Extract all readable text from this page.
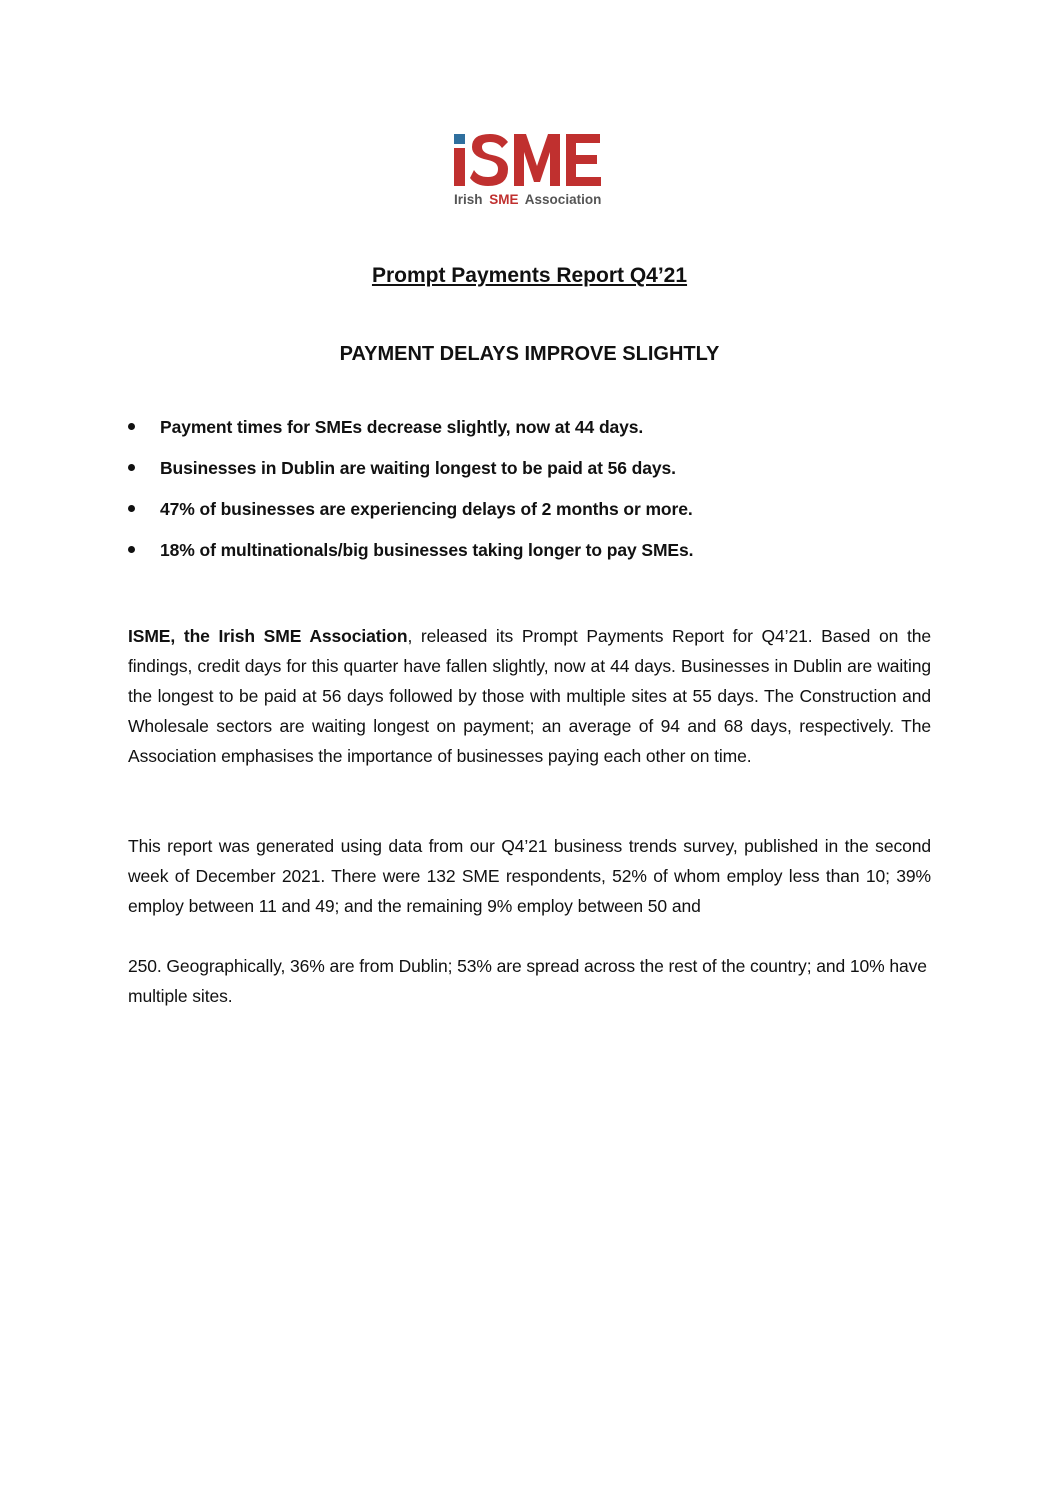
Irish SME Association
Prompt Payments Report Q4’21
PAYMENT DELAYS IMPROVE SLIGHTLY
Payment times for SMEs decrease slightly, now at 44 days.
Businesses in Dublin are waiting longest to be paid at 56 days.
47% of businesses are experiencing delays of 2 months or more.
18% of multinationals/big businesses taking longer to pay SMEs.

ISME, the Irish SME Association, released its Prompt Payments Report for Q4’21. Based on the findings, credit days for this quarter have fallen slightly, now at 44 days. Businesses in Dublin are waiting the longest to be paid at 56 days followed by those with multiple sites at 55 days. The Construction and Wholesale sectors are waiting longest on payment; an average of 94 and 68 days, respectively. The Association emphasises the importance of businesses paying each other on time.

This report was generated using data from our Q4’21 business trends survey, published in the second week of December 2021. There were 132 SME respondents, 52% of whom employ less than 10; 39% employ between 11 and 49; and the remaining 9% employ between 50 and

250. Geographically, 36% are from Dublin; 53% are spread across the rest of the country; and 10% have multiple sites.
